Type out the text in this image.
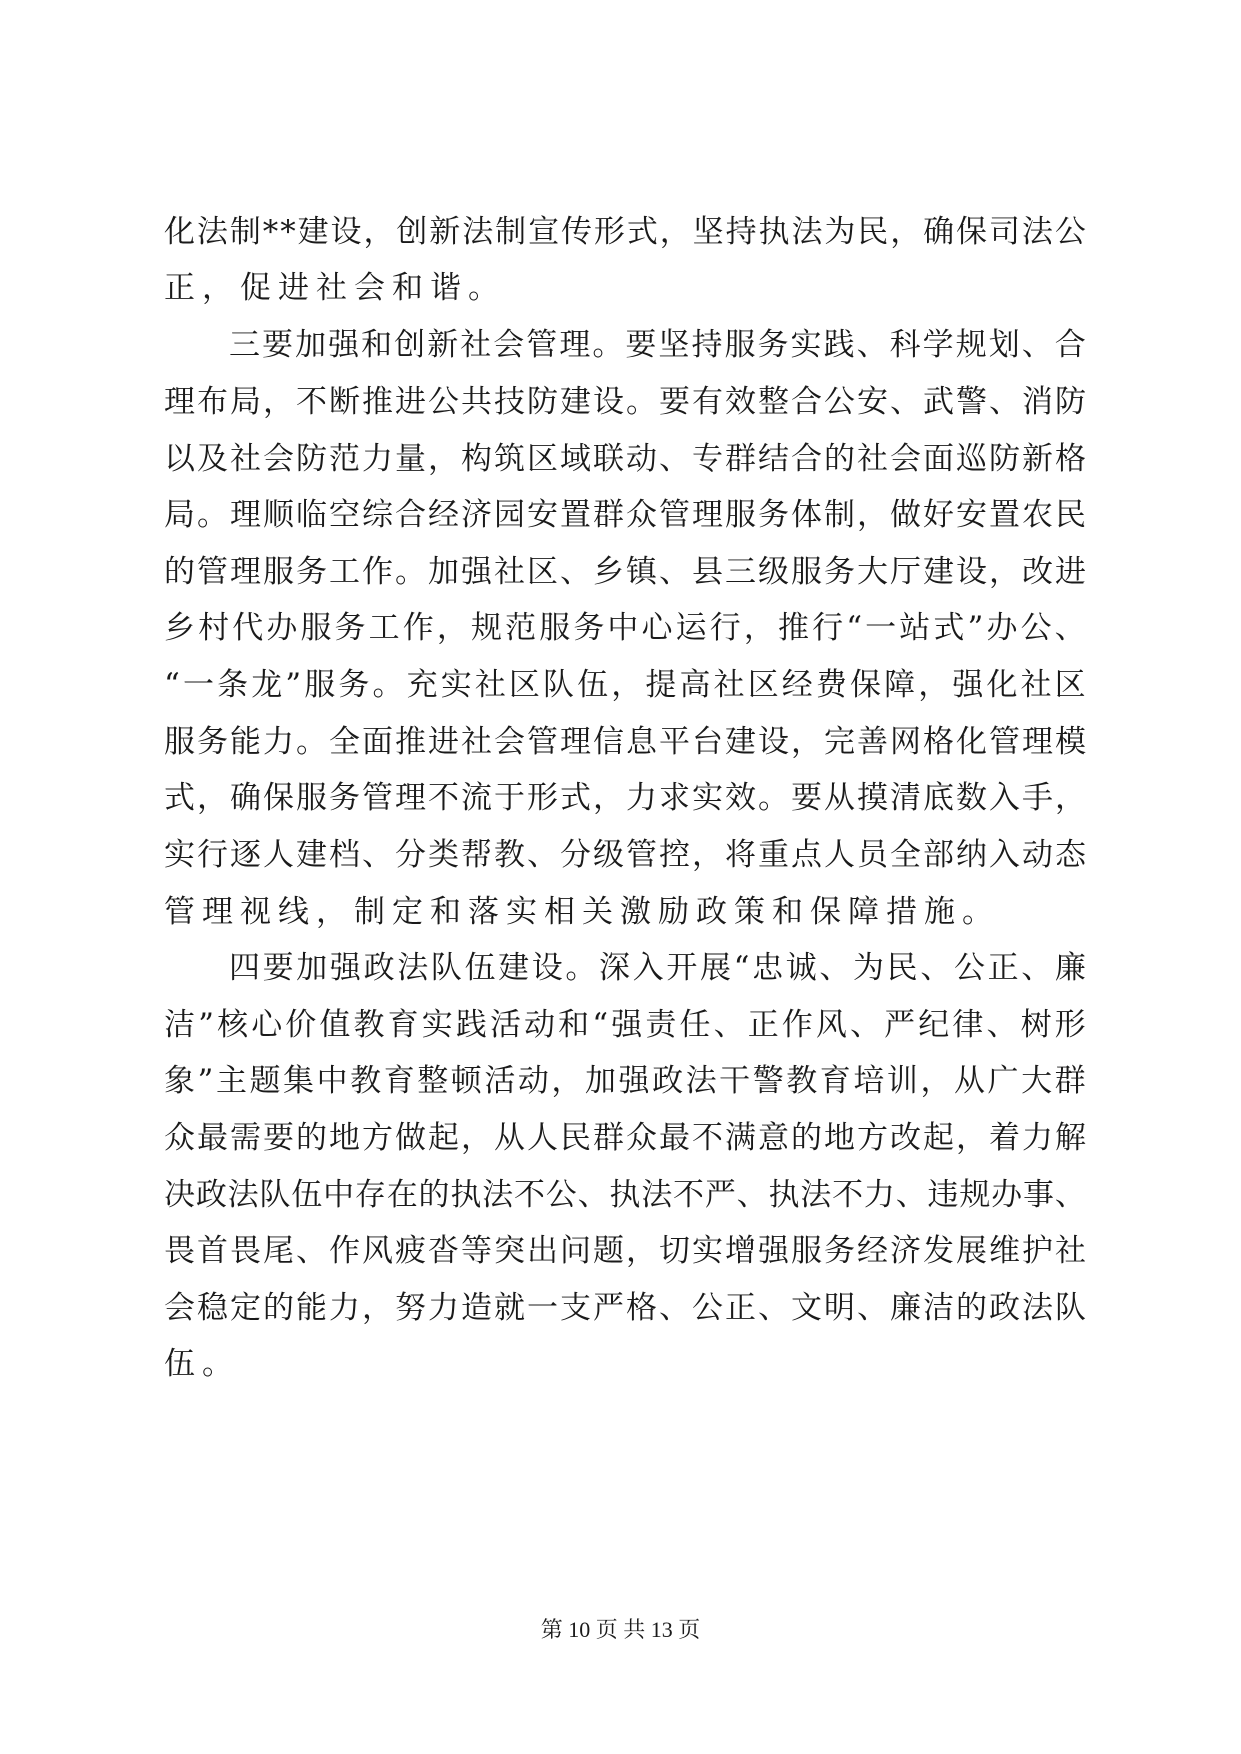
化 法 制 * * 建 设 ， 创 新 法 制 宣 传 形 式 ， 坚 持 执 法 为 民 ， 确 保 司 法 公
正，促进社会和谐。
三 要 加 强 和 创 新 社 会 管 理 。 要 坚 持 服 务 实 践 、 科 学 规 划 、 合
理 布 局 ， 不 断 推 进 公 共 技 防 建 设 。 要 有 效 整 合 公 安 、 武 警 、 消 防
以 及 社 会 防 范 力 量 ， 构 筑 区 域 联 动 、 专 群 结 合 的 社 会 面 巡 防 新 格
局 。 理 顺 临 空 综 合 经 济 园 安 置 群 众 管 理 服 务 体 制 ， 做 好 安 置 农 民
的 管 理 服 务 工 作 。 加 强 社 区 、 乡 镇 、 县 三 级 服 务 大 厅 建 设 ， 改 进
乡 村 代 办 服 务 工 作 ， 规 范 服 务 中 心 运 行 ， 推 行 “ 一 站 式 ” 办 公 、
“ 一 条 龙 ” 服 务 。 充 实 社 区 队 伍 ， 提 高 社 区 经 费 保 障 ， 强 化 社 区
服 务 能 力 。 全 面 推 进 社 会 管 理 信 息 平 台 建 设 ， 完 善 网 格 化 管 理 模
式 ， 确 保 服 务 管 理 不 流 于 形 式 ， 力 求 实 效 。 要 从 摸 清 底 数 入 手 ，
实 行 逐 人 建 档 、 分 类 帮 教 、 分 级 管 控 ， 将 重 点 人 员 全 部 纳 入 动 态
管理视线，制定和落实相关激励政策和保障措施。
四 要 加 强 政 法 队 伍 建 设 。 深 入 开 展 “ 忠 诚 、 为 民 、 公 正 、 廉
洁 ” 核 心 价 值 教 育 实 践 活 动 和 “ 强 责 任 、 正 作 风 、 严 纪 律 、 树 形
象 ” 主 题 集 中 教 育 整 顿 活 动 ， 加 强 政 法 干 警 教 育 培 训 ， 从 广 大 群
众 最 需 要 的 地 方 做 起 ， 从 人 民 群 众 最 不 满 意 的 地 方 改 起 ， 着 力 解
决 政 法 队 伍 中 存 在 的 执 法 不 公 、 执 法 不 严 、 执 法 不 力 、 违 规 办 事 、
畏 首 畏 尾 、 作 风 疲 沓 等 突 出 问 题 ， 切 实 增 强 服 务 经 济 发 展 维 护 社
会 稳 定 的 能 力 ， 努 力 造 就 一 支 严 格 、 公 正 、 文 明 、 廉 洁 的 政 法 队
伍。
第 10 页 共 13 页
